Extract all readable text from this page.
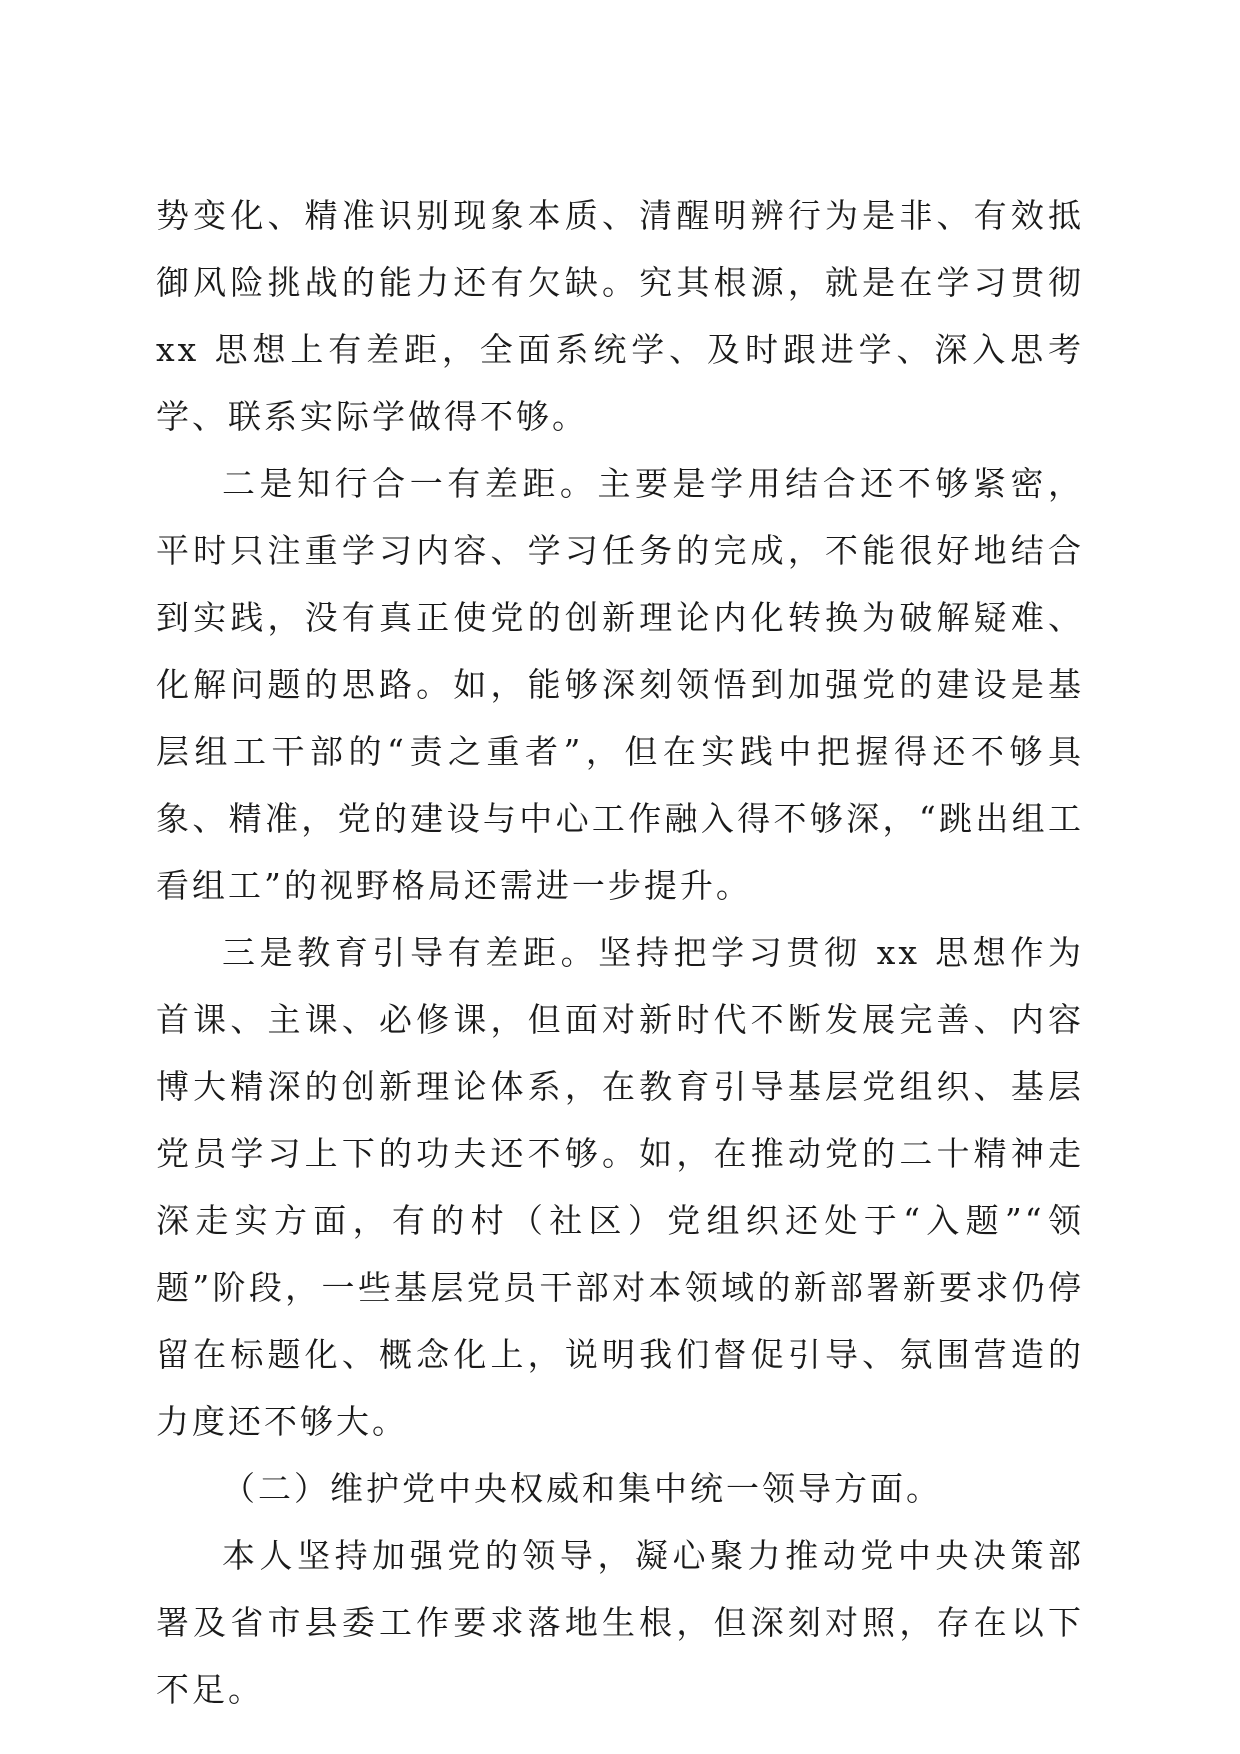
势变化、精准识别现象本质、清醒明辨行为是非、有效抵御风险挑战的能力还有欠缺。究其根源，就是在学习贯彻 xx 思想上有差距，全面系统学、及时跟进学、深入思考学、联系实际学做得不够。

二是知行合一有差距。主要是学用结合还不够紧密，平时只注重学习内容、学习任务的完成，不能很好地结合到实践，没有真正使党的创新理论内化转换为破解疑难、化解问题的思路。如，能够深刻领悟到加强党的建设是基层组工干部的“责之重者”，但在实践中把握得还不够具象、精准，党的建设与中心工作融入得不够深，“跳出组工看组工”的视野格局还需进一步提升。

三是教育引导有差距。坚持把学习贯彻 xx 思想作为首课、主课、必修课，但面对新时代不断发展完善、内容博大精深的创新理论体系，在教育引导基层党组织、基层党员学习上下的功夫还不够。如，在推动党的二十精神走深走实方面，有的村（社区）党组织还处于“入题”“领题”阶段，一些基层党员干部对本领域的新部署新要求仍停留在标题化、概念化上，说明我们督促引导、氛围营造的力度还不够大。

（二）维护党中央权威和集中统一领导方面。

本人坚持加强党的领导，凝心聚力推动党中央决策部署及省市县委工作要求落地生根，但深刻对照，存在以下不足。
